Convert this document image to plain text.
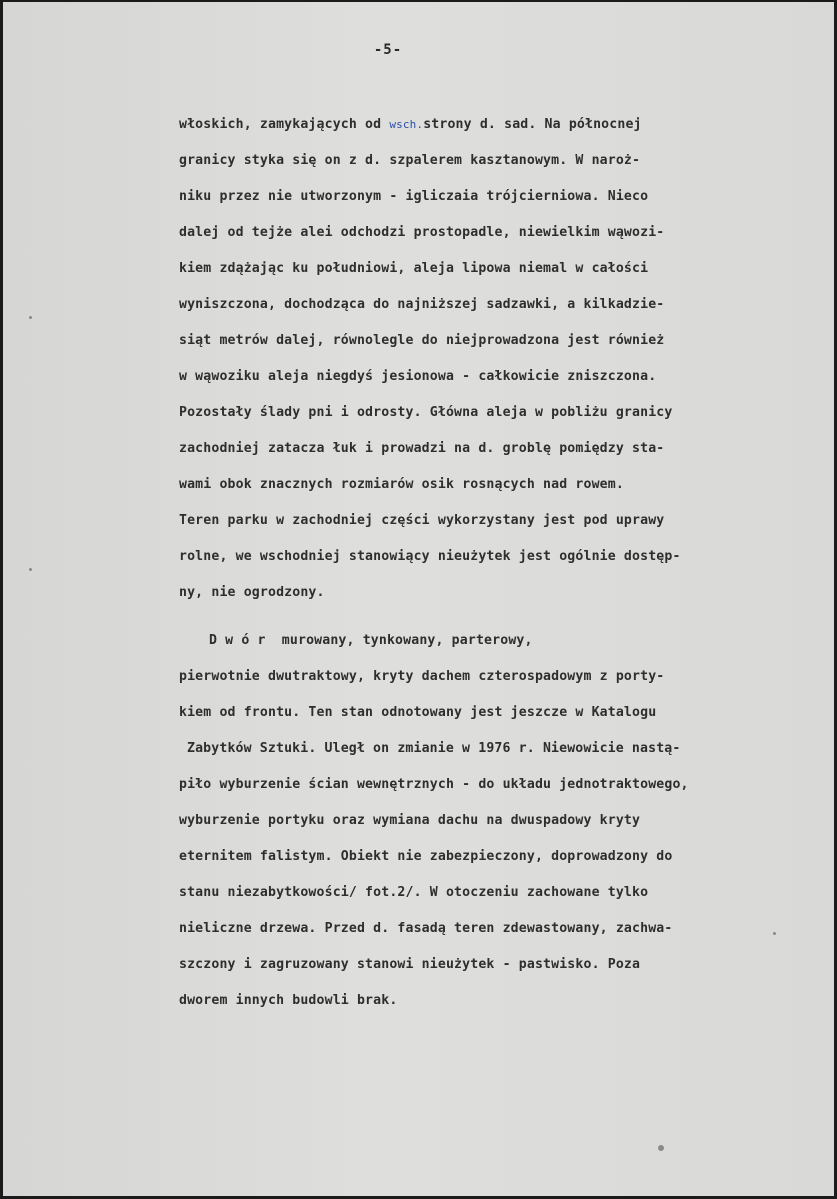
-5-
włoskich, zamykających od wsch.strony d. sad. Na północnej
granicy styka się on z d. szpalerem kasztanowym. W naroż-
niku przez nie utworzonym - igliczaia trójcierniowa. Nieco
dalej od tejże alei odchodzi prostopadle, niewielkim wąwozi-
kiem zdążając ku południowi, aleja lipowa niemal w całości
wyniszczona, dochodząca do najniższej sadzawki, a kilkadzie-
siąt metrów dalej, równolegle do niejprowadzona jest również
w wąwoziku aleja niegdyś jesionowa - całkowicie zniszczona.
Pozostały ślady pni i odrosty. Główna aleja w pobliżu granicy
zachodniej zatacza łuk i prowadzi na d. groblę pomiędzy sta-
wami obok znacznych rozmiarów osik rosnących nad rowem.
Teren parku w zachodniej części wykorzystany jest pod uprawy
rolne, we wschodniej stanowiący nieużytek jest ogólnie dostęp-
ny, nie ogrodzony.
D w ó r  murowany, tynkowany, parterowy,
pierwotnie dwutraktowy, kryty dachem czterospadowym z porty-
kiem od frontu. Ten stan odnotowany jest jeszcze w Katalogu
Zabytków Sztuki. Uległ on zmianie w 1976 r. Niewowicie nastą-
piło wyburzenie ścian wewnętrznych - do układu jednotraktowego,
wyburzenie portyku oraz wymiana dachu na dwuspadowy kryty
eternitem falistym. Obiekt nie zabezpieczony, doprowadzony do
stanu niezabytkowości/ fot.2/. W otoczeniu zachowane tylko
nieliczne drzewa. Przed d. fasadą teren zdewastowany, zachwa-
szczony i zagruzowany stanowi nieużytek - pastwisko. Poza
dworem innych budowli brak.
